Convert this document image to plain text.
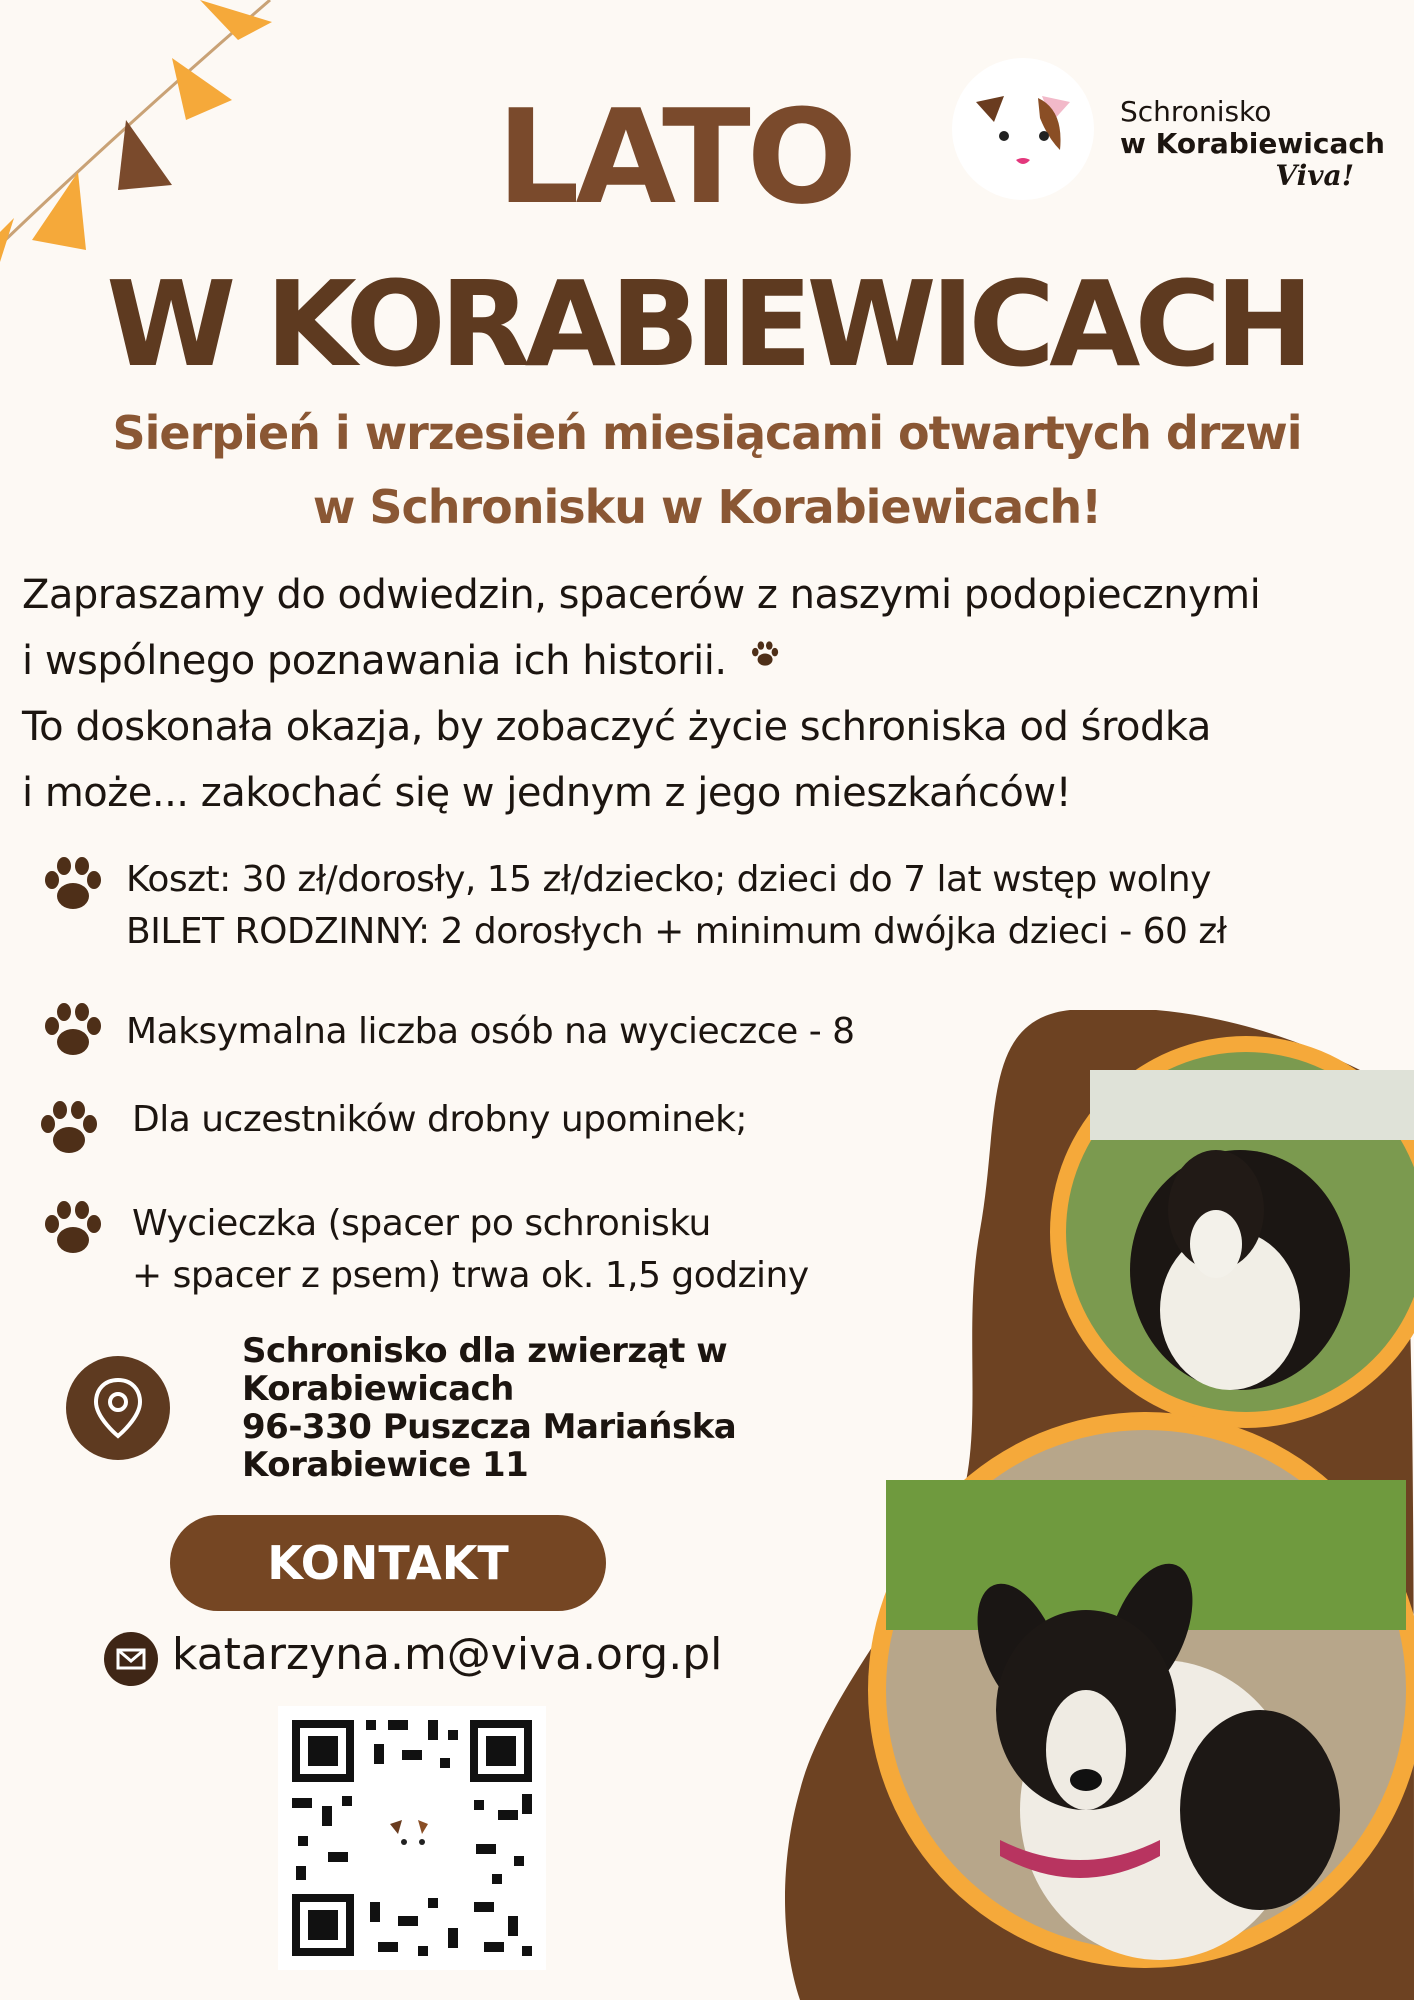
Schronisko
w Korabiewicach
Viva!
LATO
W KORABIEWICACH
Sierpień i wrzesień miesiącami otwartych drzwi
w Schronisku w Korabiewicach!
Zapraszamy do odwiedzin, spacerów z naszymi podopiecznymi
i wspólnego poznawania ich historii.
To doskonała okazja, by zobaczyć życie schroniska od środka
i może... zakochać się w jednym z jego mieszkańców!
Koszt: 30 zł/dorosły, 15 zł/dziecko; dzieci do 7 lat wstęp wolny
BILET RODZINNY: 2 dorosłych + minimum dwójka dzieci - 60 zł
Maksymalna liczba osób na wycieczce - 8
Dla uczestników drobny upominek;
Wycieczka (spacer po schronisku
+ spacer z psem) trwa ok. 1,5 godziny
Schronisko dla zwierząt w
Korabiewicach
96-330 Puszcza Mariańska
Korabiewice 11
KONTAKT
katarzyna.m@viva.org.pl
